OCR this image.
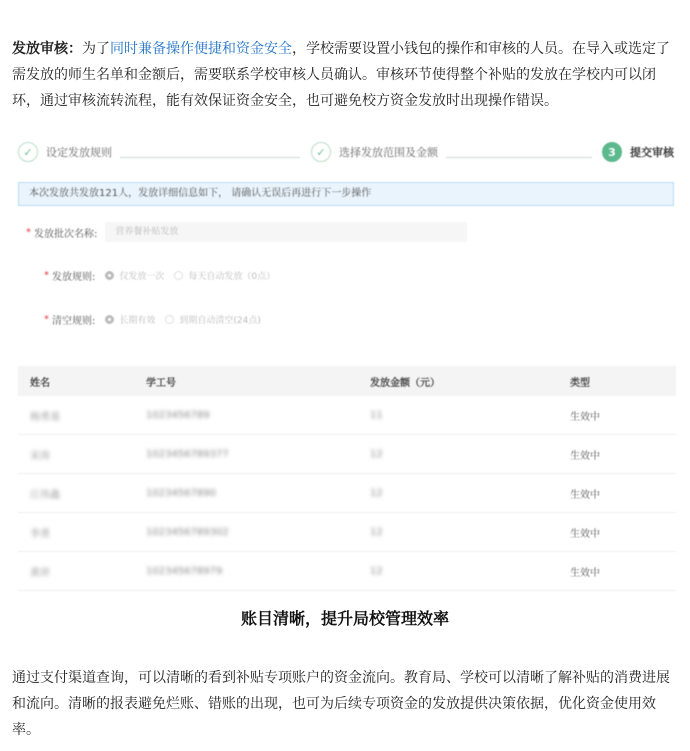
发放审核：为了同时兼备操作便捷和资金安全，学校需要设置小钱包的操作和审核的人员。在导入或选定了需发放的师生名单和金额后，需要联系学校审核人员确认。审核环节使得整个补贴的发放在学校内可以闭环，通过审核流转流程，能有效保证资金安全，也可避免校方资金发放时出现操作错误。

✓	设定发放规则	✓	选择发放范围及金额	3	提交审核
本次发放共发放121人，发放详细信息如下， 请确认无误后再进行下一步操作
* 发放批次名称:	营养餐补贴发放
* 发放规则:	仅发放一次	每天自动发放（0点）
* 清空规则:	长期有效	到期自动清空(24点)
姓名	学工号	发放金额（元）	类型
杨勇基	1023456789	11	生效中
宋涛	1023456789377	12	生效中
江伟鑫	10234567890	12	生效中
李勇	1023456789302	12	生效中
黄祥	102345678979	12	生效中
账目清晰，提升局校管理效率

通过支付渠道查询，可以清晰的看到补贴专项账户的资金流向。教育局、学校可以清晰了解补贴的消费进展和流向。清晰的报表避免烂账、错账的出现，也可为后续专项资金的发放提供决策依据，优化资金使用效率。
